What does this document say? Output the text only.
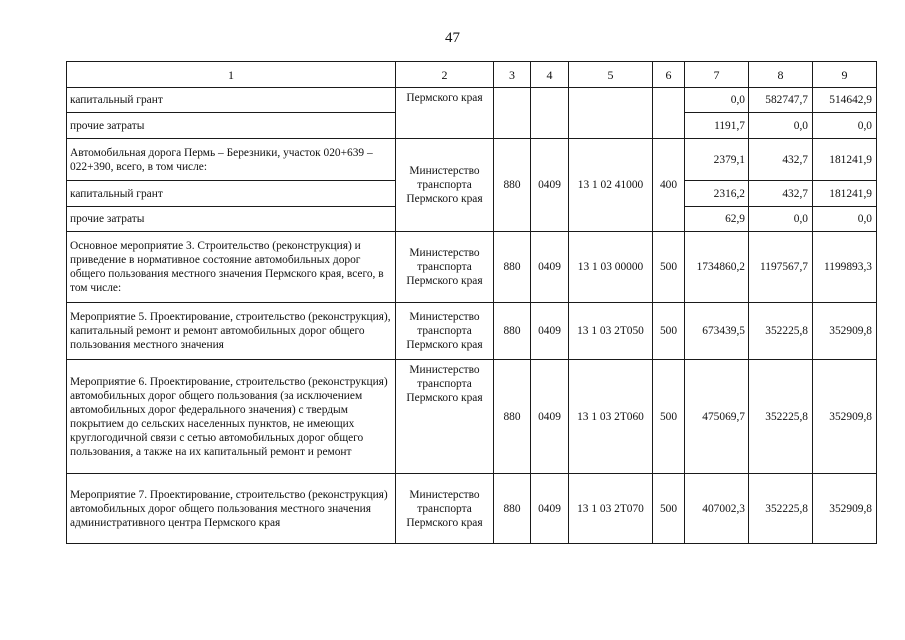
47
1	2	3	4	5	6	7	8	9
капитальный грант	Пермского края					0,0	582747,7	514642,9
прочие затраты						1191,7	0,0	0,0
Автомобильная дорога Пермь – Березники, участок 020+639 – 022+390, всего, в том числе:	Министерство транспорта Пермского края	880	0409	13 1 02 41000	400	2379,1	432,7	181241,9
капитальный грант						2316,2	432,7	181241,9
прочие затраты						62,9	0,0	0,0
Основное мероприятие 3. Строительство (реконструкция) и приведение в нормативное состояние автомобильных дорог общего пользования местного значения Пермского края, всего, в том числе:	Министерство транспорта Пермского края	880	0409	13 1 03 00000	500	1734860,2	1197567,7	1199893,3
Мероприятие 5. Проектирование, строительство (реконструкция), капитальный ремонт и ремонт автомобильных дорог общего пользования местного значения	Министерство транспорта Пермского края	880	0409	13 1 03 2Т050	500	673439,5	352225,8	352909,8
Мероприятие 6. Проектирование, строительство (реконструкция) автомобильных дорог общего пользования (за исключением автомобильных дорог федерального значения) с твердым покрытием до сельских населенных пунктов, не имеющих круглогодичной связи с сетью автомобильных дорог общего пользования, а также на их капитальный ремонт и ремонт	Министерство транспорта Пермского края	880	0409	13 1 03 2Т060	500	475069,7	352225,8	352909,8
Мероприятие 7. Проектирование, строительство (реконструкция) автомобильных дорог общего пользования местного значения административного центра Пермского края	Министерство транспорта Пермского края	880	0409	13 1 03 2Т070	500	407002,3	352225,8	352909,8
